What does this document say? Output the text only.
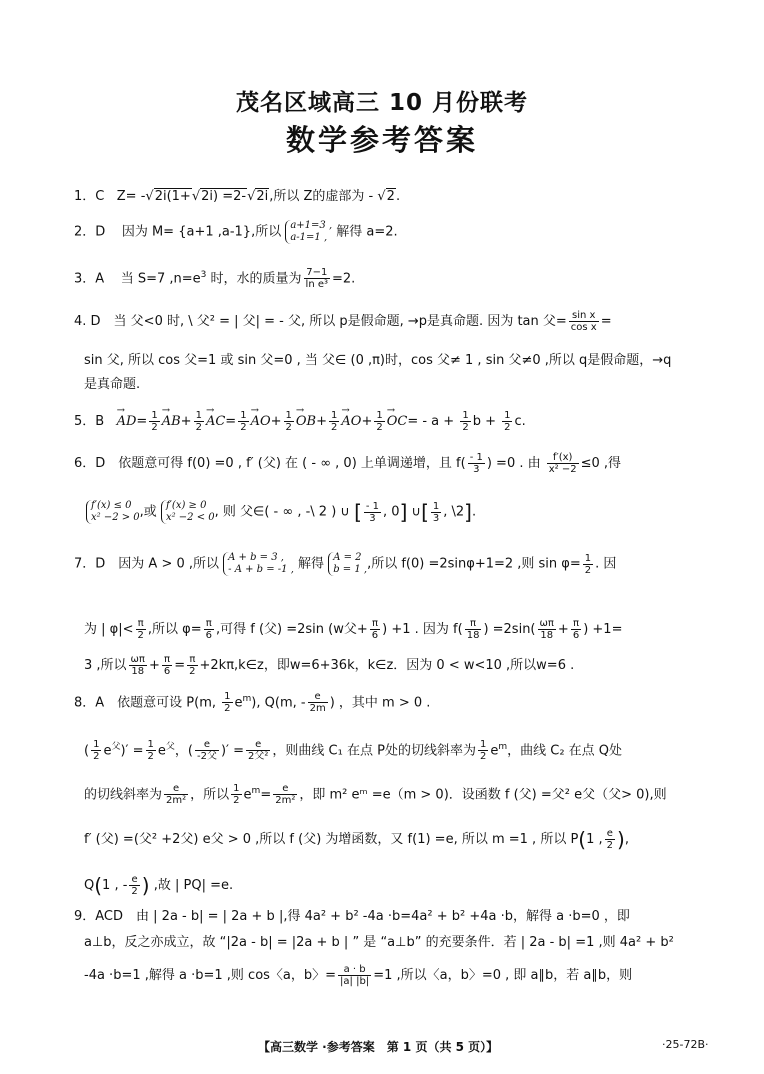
茂名区域高三 10 月份联考
数学参考答案
1．C Z= -√2i(1+√2i) =2-√2i,所以 Z的虚部为 - √2.
2．D 因为 M= {a+1 ,a-1},所以 a+1=3 ,
a-1=1 , 解得 a=2.
3．A 当 S=7 $,n=e^3$ 时，水的质量为 $\frac{7-1}{\text{ln e³}} =2$.
4. D　当 父<0 时, \ 父² = | 父| = - 父, 所以 p是假命题, →p是真命题. 因为 tan 父= $\frac{\text{sin x}}{\text{cos x}}$ =
sin 父, 所以 cos 父=1 或 sin 父=0 , 当 父∈ (0 ,π)时，cos 父≠ 1 , sin 父≠0 ,所以 q是假命题，→q
是真命题.
5．$B \to AD= \frac{1}{2}$
→ $AB+ \frac{1}{2}$
→ $AC= \frac{1}{2}$
→ $AO+ \frac{1}{2}$
→ $OB+ \frac{1}{2}$
→ $AO+ \frac{1}{2}$
→ $OC= - a + \frac{1}{2}$ $b + \frac{1}{2} c$.
6．D　依题意可得 f(0) =0 , f′ (父) 在 ( - ∞ , 0) 上单调递增，且 $f( \frac{- 1}{3}$ ) =0 . 由 $\frac{f'(x)}{\text{x² −2}} \le 0$ ,得
f′(x) ≤ 0
x² −2 > 0,或 f′(x) ≥ 0
x² −2 < 0, 则 父∈( - ∞ , -\ 2 ) ∪ [ $\frac{- 1}{3}$ , 0] ∪[ $\frac{1}{3}$ , \2].
7．D　因为 A > 0 ,所以 A + b = 3 ,
- A + b = -1 , 解得 A = 2
b = 1 ,,所以 f(0) =2sinφ+1=2 ,则 $\sin \varphi= \frac{1}{2}$ . 因
为 | $\varphi|< \frac{\pi}{2}$ ,所以 $\varphi= \frac{\pi}{6}$ ,可得 f (父) =2sin (w父+ $\frac{\pi}{6}$ ) +1 . 因为 $f( \frac{\pi}{18}$ ) $=2\sin( \frac{\omega\pi}{18} + \frac{\pi}{6}$ ) +1=
3 ,所以 $\frac{\omega\pi}{18} + \frac{\pi}{6} = \frac{\pi}{2}$ +2kπ,k∈z，即w=6+36k，k∈z．因为 0 < w<10 ,所以w=6 .
8．A　依题意可设 P(m, $\frac{1}{2} e^m$), Q(m, - $\frac{e}{2m}$ ) ，其中 m > 0 .
( $\frac{1}{2} e^父)' = \frac{1}{2} e^父$，( $\frac{e}{\text{-2父}}$ )′ = $\frac{e}{\text{2父²}}$ ，则曲线 C₁ 在点 P处的切线斜率为 $\frac{1}{2} e^m$，曲线 C₂ 在点 Q处
的切线斜率为 $\frac{e}{\text{2m²}}$ ，所以 $\frac{1}{2} e^m= \frac{e}{\text{2m²}}$ ，即 m² eᵐ =e（m > 0)．设函数 f (父) =父² e父（父> 0),则
f′ (父) =(父² +2父) e父 > 0 ,所以 f (父) 为增函数，又 f(1) =e, 所以 m =1 , 所以 P(1 , $\frac{e}{2}$ ),
Q(1 , - $\frac{e}{2}$ ) ,故 | PQ| =e.
9．ACD　由 | 2a - b| = | 2a + b |,得 4a² + b² -4a ·b=4a² + b² +4a ·b，解得 a ·b=0 ，即
a⊥b，反之亦成立，故 “|2a - b| = |2a + b | ” 是 “a⊥b” 的充要条件．若 | 2a - b| =1 ,则 4a² + b²
-4a ·b=1 ,解得 a ·b=1 ,则 cos〈a，b〉= $\frac{a \cdot b}{|a| |b|} =1$ ,所以〈a，b〉=0 , 即 a∥b，若 a∥b，则
【高三数学 ·参考答案　第 1 页（共 5 页）】	·25-72B·
